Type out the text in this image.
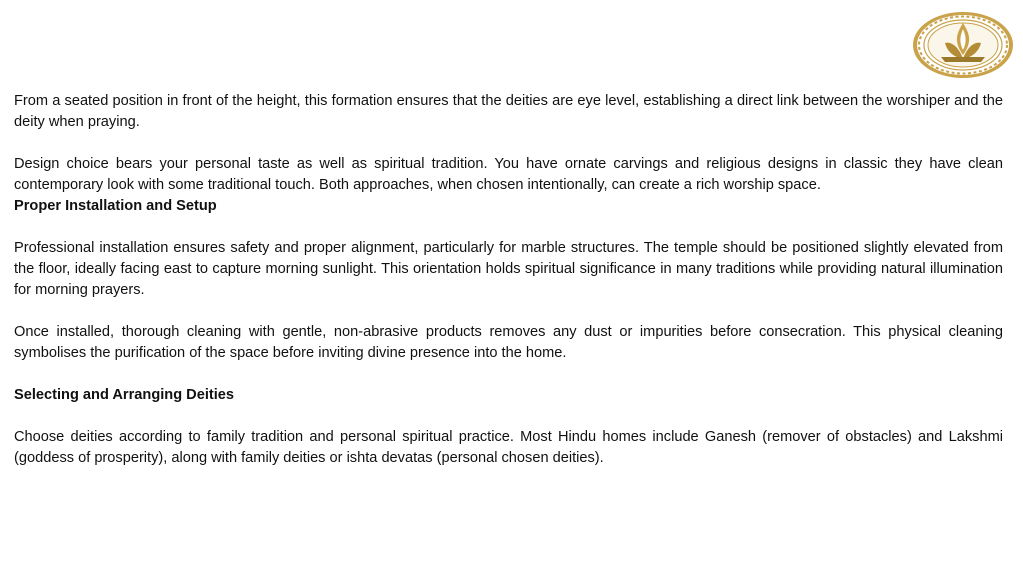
From a seated position in front of the height, this formation ensures that the deities are eye level, establishing a direct link between the worshiper and the deity when praying.

Design choice bears your personal taste as well as spiritual tradition. You have ornate carvings and religious designs in classic they have clean contemporary look with some traditional touch. Both approaches, when chosen intentionally, can create a rich worship space.

Proper Installation and Setup

Professional installation ensures safety and proper alignment, particularly for marble structures. The temple should be positioned slightly elevated from the floor, ideally facing east to capture morning sunlight. This orientation holds spiritual significance in many traditions while providing natural illumination for morning prayers.

Once installed, thorough cleaning with gentle, non-abrasive products removes any dust or impurities before consecration. This physical cleaning symbolises the purification of the space before inviting divine presence into the home.

Selecting and Arranging Deities

Choose deities according to family tradition and personal spiritual practice. Most Hindu homes include Ganesh (remover of obstacles) and Lakshmi (goddess of prosperity), along with family deities or ishta devatas (personal chosen deities).
